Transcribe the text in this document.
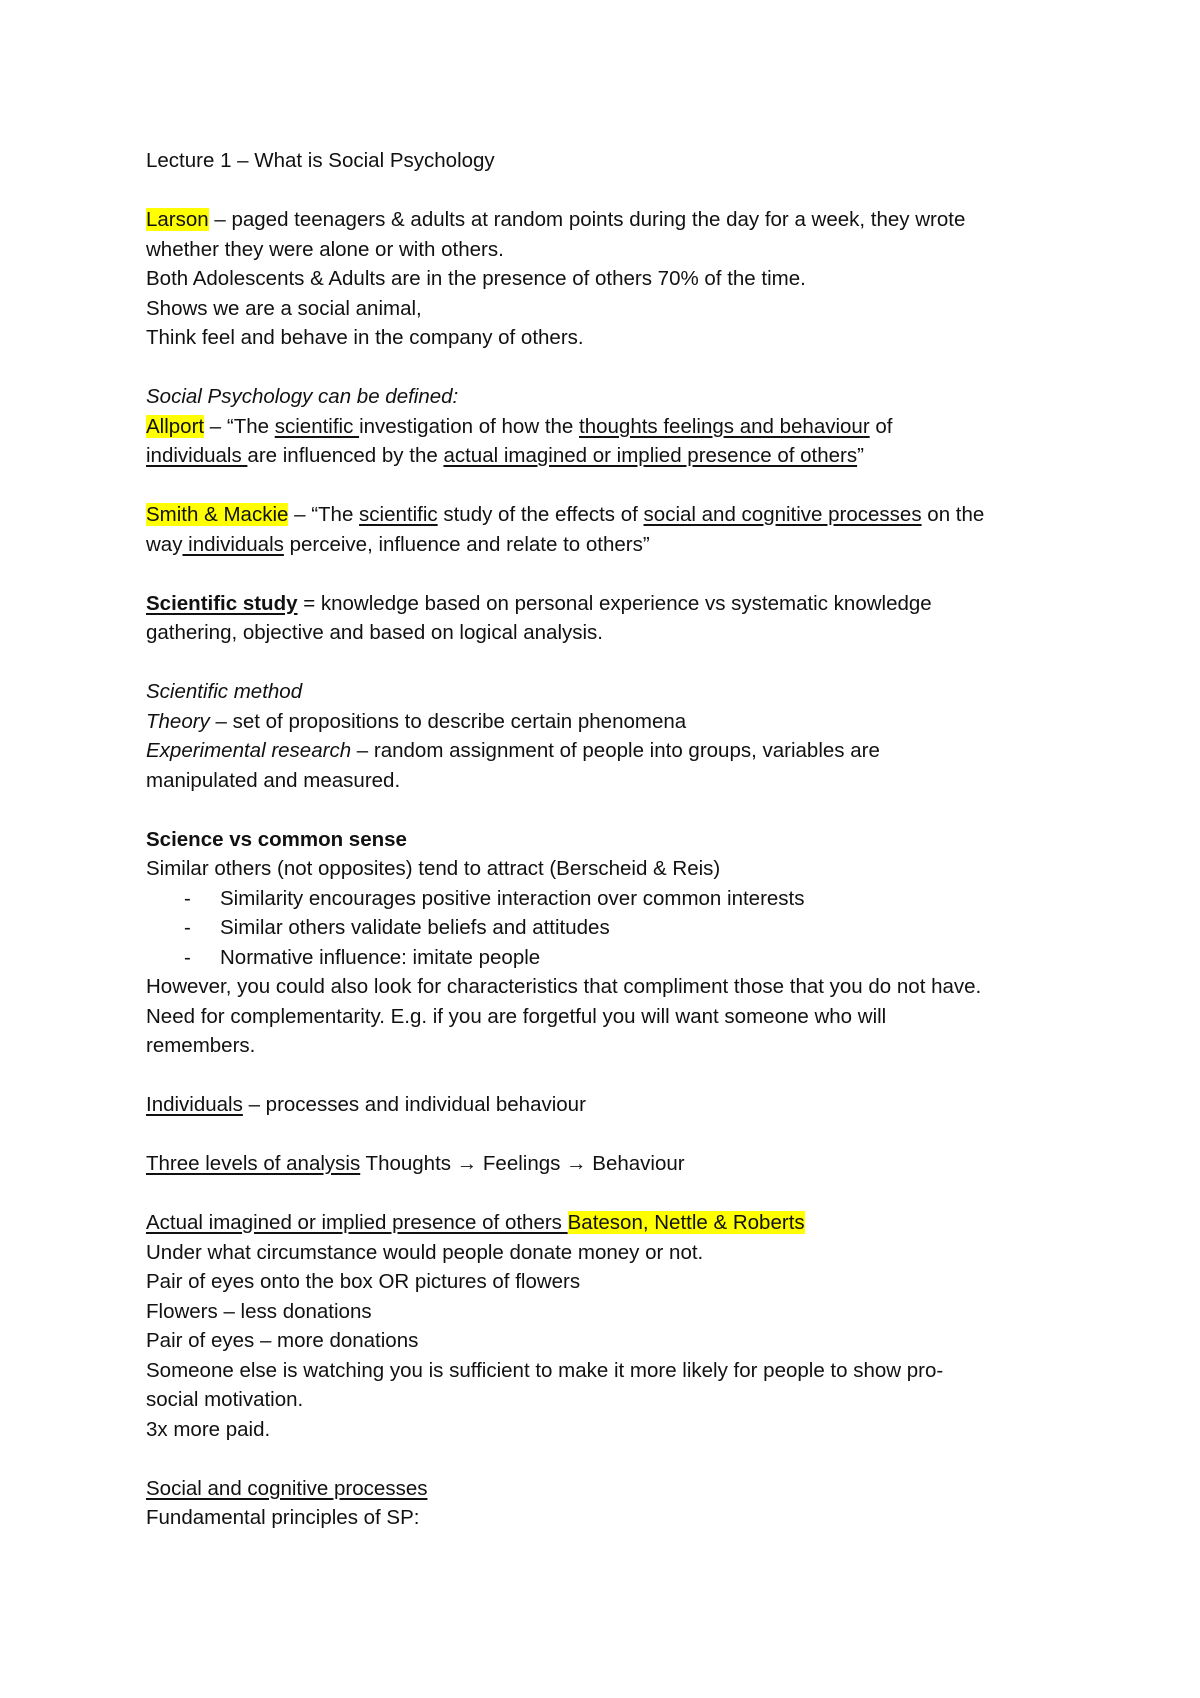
Lecture 1 – What is Social Psychology
Larson – paged teenagers & adults at random points during the day for a week, they wrote
whether they were alone or with others.
Both Adolescents & Adults are in the presence of others 70% of the time.
Shows we are a social animal,
Think feel and behave in the company of others.
Social Psychology can be defined:
Allport – “The scientific investigation of how the thoughts feelings and behaviour of
individuals are influenced by the actual imagined or implied presence of others”
Smith & Mackie – “The scientific study of the effects of social and cognitive processes on the
way individuals perceive, influence and relate to others”
Scientific study = knowledge based on personal experience vs systematic knowledge
gathering, objective and based on logical analysis.
Scientific method
Theory – set of propositions to describe certain phenomena
Experimental research – random assignment of people into groups, variables are
manipulated and measured.
Science vs common sense
Similar others (not opposites) tend to attract (Berscheid & Reis)
- Similarity encourages positive interaction over common interests
- Similar others validate beliefs and attitudes
- Normative influence: imitate people
However, you could also look for characteristics that compliment those that you do not have.
Need for complementarity. E.g. if you are forgetful you will want someone who will
remembers.
Individuals – processes and individual behaviour
Three levels of analysis Thoughts → Feelings → Behaviour
Actual imagined or implied presence of others Bateson, Nettle & Roberts
Under what circumstance would people donate money or not.
Pair of eyes onto the box OR pictures of flowers
Flowers – less donations
Pair of eyes – more donations
Someone else is watching you is sufficient to make it more likely for people to show pro-
social motivation.
3x more paid.
Social and cognitive processes
Fundamental principles of SP:
